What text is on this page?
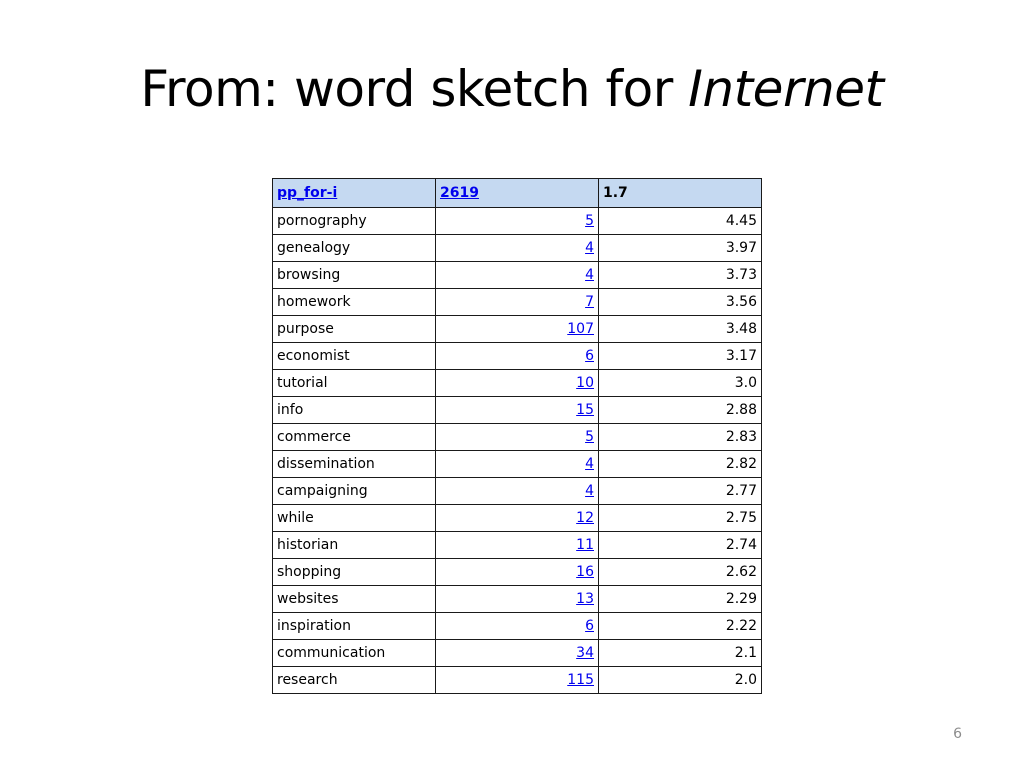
From: word sketch for Internet
pp_for-i	2619	1.7
pornography	5	4.45
genealogy	4	3.97
browsing	4	3.73
homework	7	3.56
purpose	107	3.48
economist	6	3.17
tutorial	10	3.0
info	15	2.88
commerce	5	2.83
dissemination	4	2.82
campaigning	4	2.77
while	12	2.75
historian	11	2.74
shopping	16	2.62
websites	13	2.29
inspiration	6	2.22
communication	34	2.1
research	115	2.0
6
